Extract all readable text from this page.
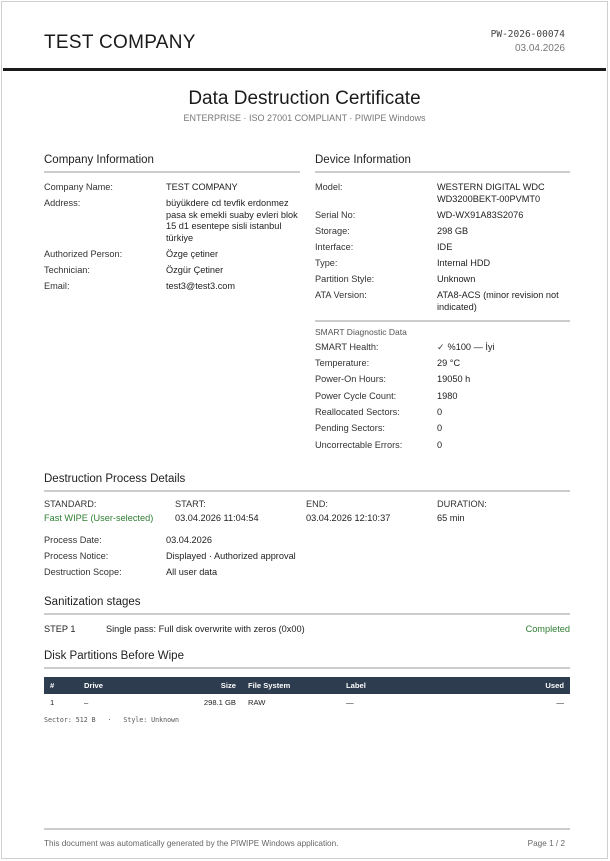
TEST COMPANY	PW-2026-00074
03.04.2026
Data Destruction Certificate
ENTERPRISE · ISO 27001 COMPLIANT · PIWIPE Windows
Company Information
Company Name:	TEST COMPANY
Address:	büyükdere cd tevfik erdonmez pasa sk emekli suaby evleri blok 15 d1 esentepe sisli istanbul türkiye
Authorized Person:	Özge çetiner
Technician:	Özgür Çetiner
Email:	test3@test3.com
Device Information
Model:	WESTERN DIGITAL WDC WD3200BEKT-00PVMT0
Serial No:	WD-WX91A83S2076
Storage:	298 GB
Interface:	IDE
Type:	Internal HDD
Partition Style:	Unknown
ATA Version:	ATA8-ACS (minor revision not indicated)
SMART Diagnostic Data
SMART Health:	✓ %100 — İyi
Temperature:	29 °C
Power-On Hours:	19050 h
Power Cycle Count:	1980
Reallocated Sectors:	0
Pending Sectors:	0
Uncorrectable Errors:	0
Destruction Process Details
STANDARD:
Fast WIPE (User-selected)
START:
03.04.2026 11:04:54
END:
03.04.2026 12:10:37
DURATION:
65 min
Process Date:	03.04.2026
Process Notice:	Displayed · Authorized approval
Destruction Scope:	All user data
Sanitization stages
STEP 1	Single pass: Full disk overwrite with zeros (0x00)	Completed
Disk Partitions Before Wipe
#	Drive	Size	File System	Label	Used
1	–	298.1 GB	RAW	—	—
Sector: 512 B   ·   Style: Unknown
This document was automatically generated by the PIWIPE Windows application.	Page 1 / 2
